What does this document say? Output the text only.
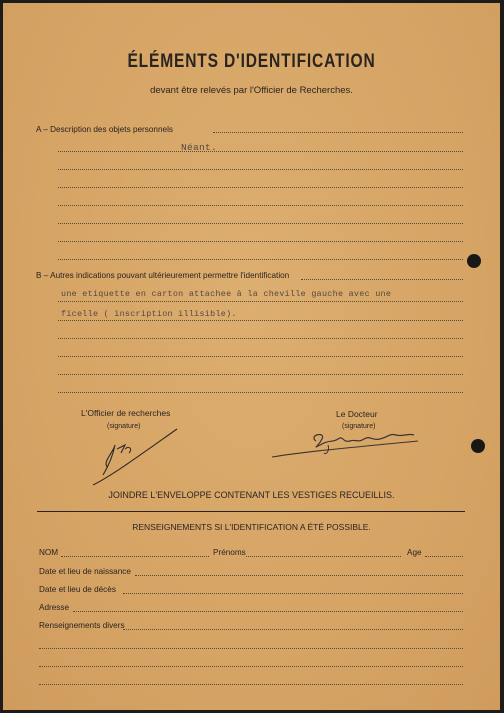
ÉLÉMENTS D'IDENTIFICATION
devant être relevés par l'Officier de Recherches.
A – Description des objets personnels
Néant.
B – Autres indications pouvant ultérieurement permettre l'identification
une etiquette en carton attachee à la cheville gauche avec une
ficelle ( inscription illisible).
L'Officier de recherches
(signature)
Le Docteur
(signature)
JOINDRE L'ENVELOPPE CONTENANT LES VESTIGES RECUEILLIS.
RENSEIGNEMENTS SI L'IDENTIFICATION A ÉTÉ POSSIBLE.
NOM	Prénoms	Age
Date et lieu de naissance
Date et lieu de décès
Adresse
Renseignements divers
